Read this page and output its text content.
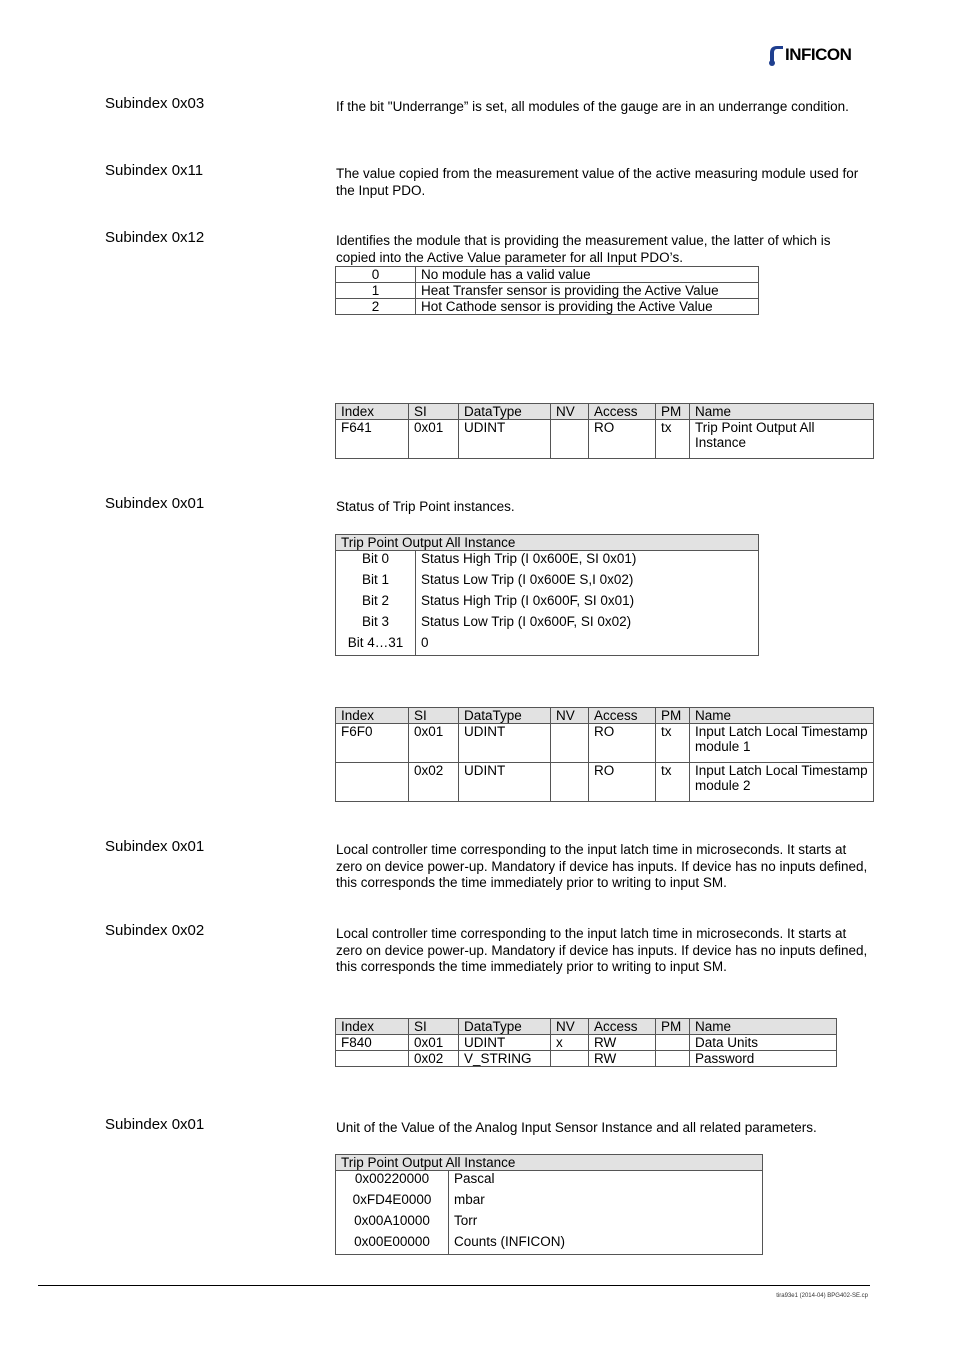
INFICON
Subindex 0x03	If the bit "Underrange” is set, all modules of the gauge are in an underrange condition.
Subindex 0x11	The value copied from the measurement value of the active measuring module used for the Input PDO.
Subindex 0x12	Identifies the module that is providing the measurement value, the latter of which is copied into the Active Value parameter for all Input PDO’s.
0	No module has a valid value
1	Heat Transfer sensor is providing the Active Value
2	Hot Cathode sensor is providing the Active Value
Index	SI	DataType	NV	Access	PM	Name
F641	0x01	UDINT		RO	tx	Trip Point Output All Instance
Subindex 0x01	Status of Trip Point instances.
Trip Point Output All Instance	
Bit 0	Status High Trip (I 0x600E, SI 0x01)
Bit 1	Status Low Trip (I 0x600E S,I 0x02)
Bit 2	Status High Trip (I 0x600F, SI 0x01)
Bit 3	Status Low Trip (I 0x600F, SI 0x02)
Bit 4…31	0
Index	SI	DataType	NV	Access	PM	Name
F6F0	0x01	UDINT		RO	tx	Input Latch Local Timestamp module 1
	0x02	UDINT		RO	tx	Input Latch Local Timestamp module 2
Subindex 0x01	Local controller time corresponding to the input latch time in microseconds. It starts at zero on device power-up. Mandatory if device has inputs. If device has no inputs defined, this corresponds the time immediately prior to writing to input SM.
Subindex 0x02	Local controller time corresponding to the input latch time in microseconds. It starts at zero on device power-up. Mandatory if device has inputs. If device has no inputs defined, this corresponds the time immediately prior to writing to input SM.
Index	SI	DataType	NV	Access	PM	Name
F840	0x01	UDINT	x	RW		Data Units
	0x02	V_STRING		RW		Password
Subindex 0x01	Unit of the Value of the Analog Input Sensor Instance and all related parameters.
Trip Point Output All Instance	
0x00220000	Pascal
0xFD4E0000	mbar
0x00A10000	Torr
0x00E00000	Counts (INFICON)
tira93e1 (2014-04) BPG402-SE.cp
